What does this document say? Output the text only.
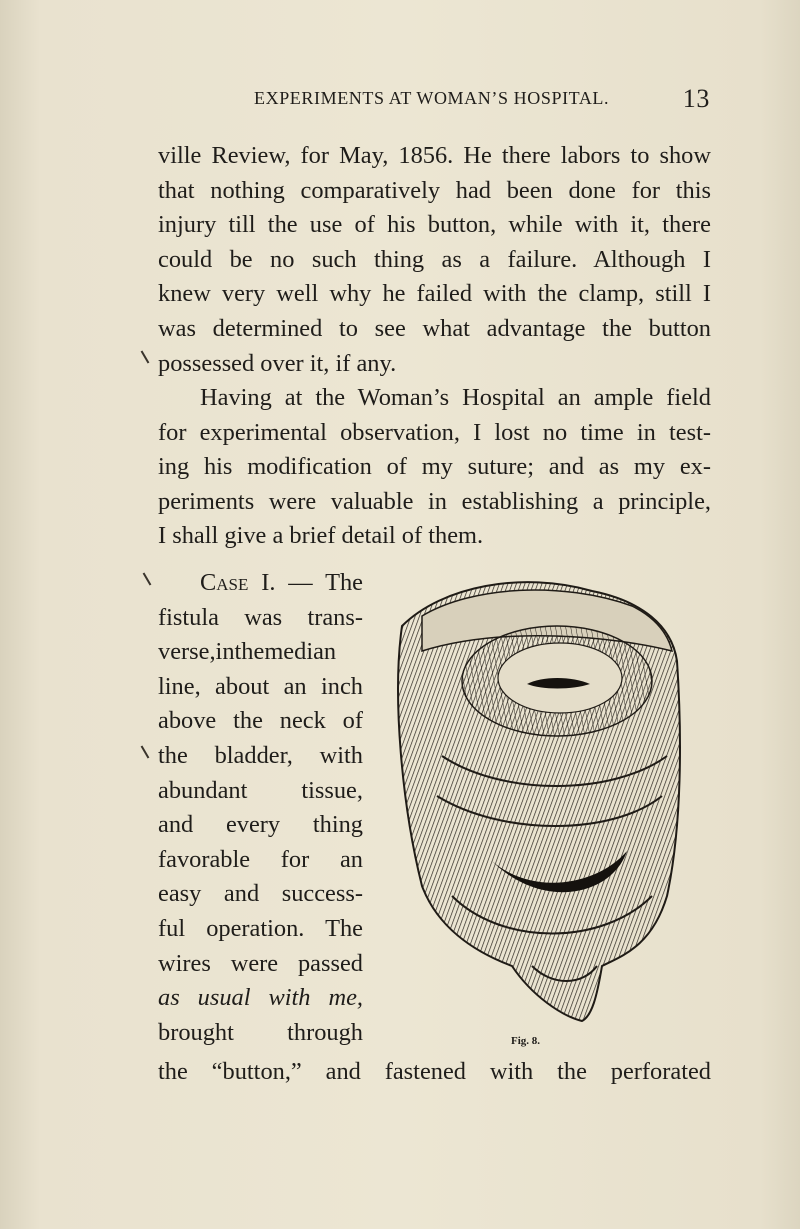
EXPERIMENTS AT WOMAN’S HOSPITAL.	13
ville Review, for May, 1856. He there labors to show
that nothing comparatively had been done for this
injury till the use of his button, while with it, there
could be no such thing as a failure. Although I
knew very well why he failed with the clamp, still I
was determined to see what advantage the button
possessed over it, if any.
Having at the Woman’s Hospital an ample field
for experimental observation, I lost no time in test-
ing his modification of my suture; and as my ex-
periments were valuable in establishing a principle,
I shall give a brief detail of them.
Case I. — The
fistula was trans-
verse,inthemedian
line, about an inch
above the neck of
the bladder, with
abundant tissue,
and every thing
favorable for an
easy and success-
ful operation. The
wires were passed
as usual with me,
brought through	Fig. 8.
the “button,” and fastened with the perforated
